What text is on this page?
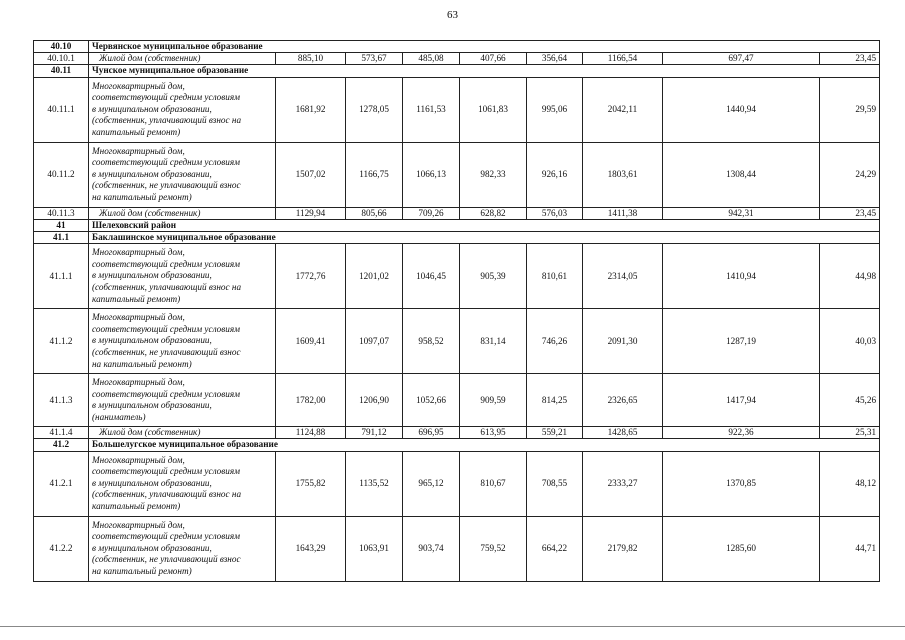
63
40.10	Червянское муниципальное образование								
40.10.1	Жилой дом (собственник)	885,10	573,67	485,08	407,66	356,64	1166,54	697,47	23,45
40.11	Чунское муниципальное образование								
40.11.1	Многоквартирный дом,
соответствующий средним условиям
в муниципальном образовании,
(собственник, уплачивающий взнос на
капитальный ремонт)	1681,92	1278,05	1161,53	1061,83	995,06	2042,11	1440,94	29,59
40.11.2	Многоквартирный дом,
соответствующий средним условиям
в муниципальном образовании,
(собственник, не уплачивающий взнос
на капитальный ремонт)	1507,02	1166,75	1066,13	982,33	926,16	1803,61	1308,44	24,29
40.11.3	Жилой дом (собственник)	1129,94	805,66	709,26	628,82	576,03	1411,38	942,31	23,45
41	Шелеховский район								
41.1	Баклашинское муниципальное образование								
41.1.1	Многоквартирный дом,
соответствующий средним условиям
в муниципальном образовании,
(собственник, уплачивающий взнос на
капитальный ремонт)	1772,76	1201,02	1046,45	905,39	810,61	2314,05	1410,94	44,98
41.1.2	Многоквартирный дом,
соответствующий средним условиям
в муниципальном образовании,
(собственник, не уплачивающий взнос
на капитальный ремонт)	1609,41	1097,07	958,52	831,14	746,26	2091,30	1287,19	40,03
41.1.3	Многоквартирный дом,
соответствующий средним условиям
в муниципальном образовании,
(наниматель)	1782,00	1206,90	1052,66	909,59	814,25	2326,65	1417,94	45,26
41.1.4	Жилой дом (собственник)	1124,88	791,12	696,95	613,95	559,21	1428,65	922,36	25,31
41.2	Большелугское муниципальное образование								
41.2.1	Многоквартирный дом,
соответствующий средним условиям
в муниципальном образовании,
(собственник, уплачивающий взнос на
капитальный ремонт)	1755,82	1135,52	965,12	810,67	708,55	2333,27	1370,85	48,12
41.2.2	Многоквартирный дом,
соответствующий средним условиям
в муниципальном образовании,
(собственник, не уплачивающий взнос
на капитальный ремонт)	1643,29	1063,91	903,74	759,52	664,22	2179,82	1285,60	44,71
